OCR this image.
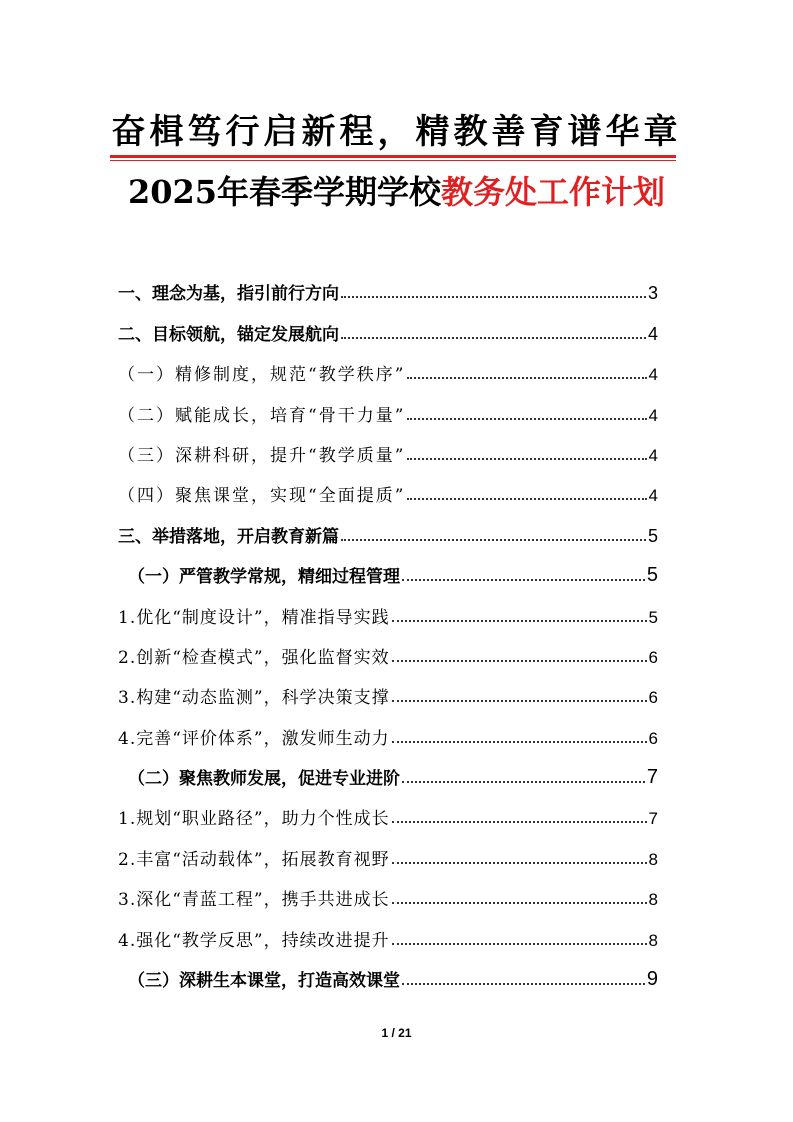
奋楫笃行启新程，精教善育谱华章
2025年春季学期学校教务处工作计划
一、理念为基，指引前行方向	3
二、目标领航，锚定发展航向	4
（一）精修制度，规范“教学秩序”	4
（二）赋能成长，培育“骨干力量”	4
（三）深耕科研，提升“教学质量”	4
（四）聚焦课堂，实现“全面提质”	4
三、举措落地，开启教育新篇	5
（一）严管教学常规，精细过程管理	5
1.优化“制度设计”，精准指导实践	5
2.创新“检查模式”，强化监督实效	6
3.构建“动态监测”，科学决策支撑	6
4.完善“评价体系”，激发师生动力	6
（二）聚焦教师发展，促进专业进阶	7
1.规划“职业路径”，助力个性成长	7
2.丰富“活动载体”，拓展教育视野	8
3.深化“青蓝工程”，携手共进成长	8
4.强化“教学反思”，持续改进提升	8
（三）深耕生本课堂，打造高效课堂	9
1 / 21
